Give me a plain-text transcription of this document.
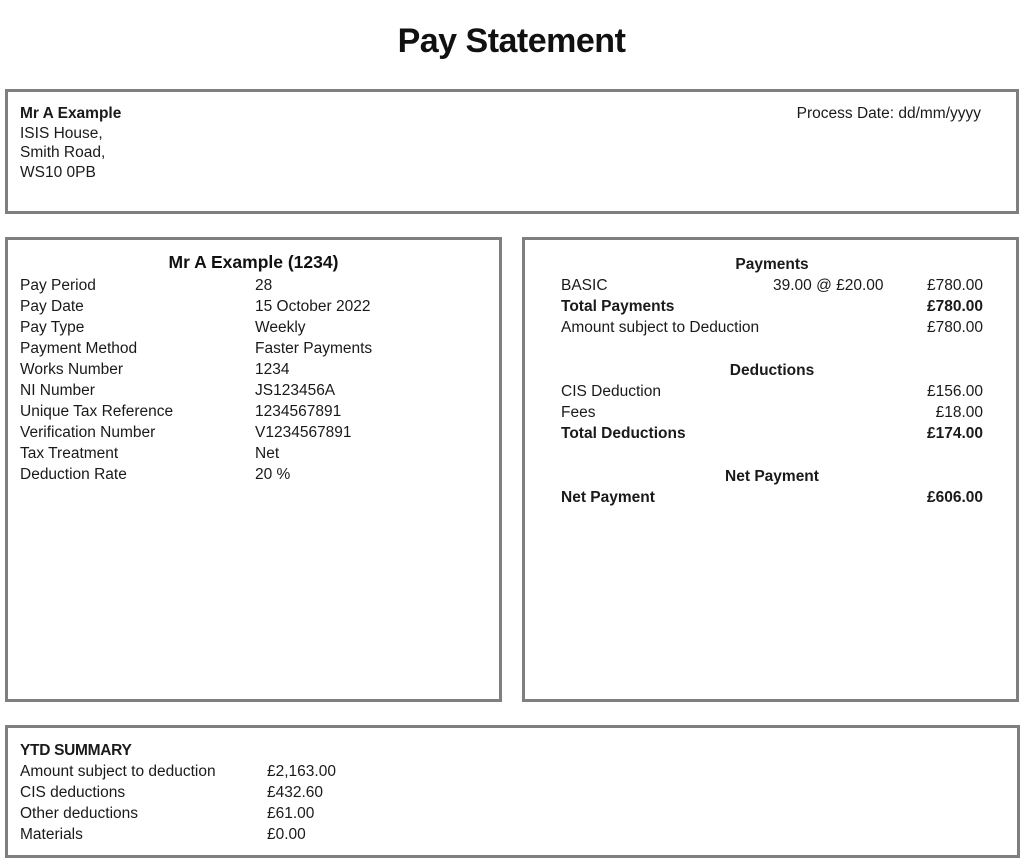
Pay Statement
Mr A Example
ISIS House,
Smith Road,
WS10 0PB
Process Date: dd/mm/yyyy
Mr A Example (1234)
Pay Period	28
Pay Date	15 October 2022
Pay Type	Weekly
Payment Method	Faster Payments
Works Number	1234
NI Number	JS123456A
Unique Tax Reference	1234567891
Verification Number	V1234567891
Tax Treatment	Net
Deduction Rate	20 %
Payments
BASIC	39.00 @ £20.00	£780.00
Total Payments	£780.00
Amount subject to Deduction	£780.00
Deductions
CIS Deduction	£156.00
Fees	£18.00
Total Deductions	£174.00
Net Payment
Net Payment	£606.00
YTD SUMMARY
Amount subject to deduction	£2,163.00
CIS deductions	£432.60
Other deductions	£61.00
Materials	£0.00
